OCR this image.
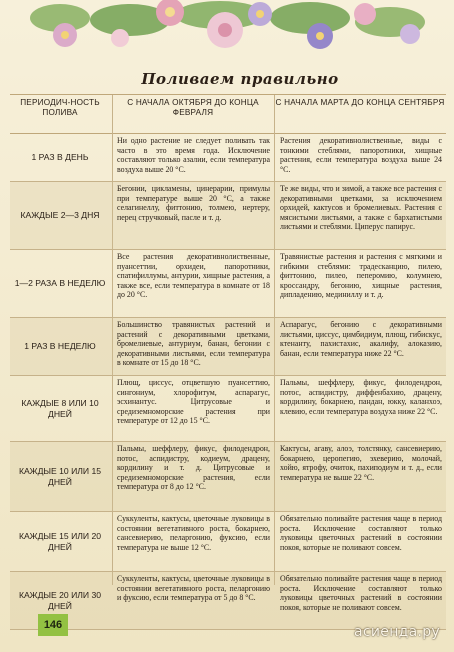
Поливаем правильно
ПЕРИОДИЧ-НОСТЬ ПОЛИВА
С НАЧАЛА ОКТЯБРЯ ДО КОНЦА ФЕВРАЛЯ
С НАЧАЛА МАРТА ДО КОНЦА СЕНТЯБРЯ
1 РАЗ В ДЕНЬ
Ни одно растение не следует поливать так часто в это время года. Исключение составляют только азалии, если температура воздуха выше 20 °С.
Растения декоративнолиственные, виды с тонкими стеблями, папоротники, хищные растения, если температура воздуха выше 24 °С.
КАЖДЫЕ 2—3 ДНЯ
Бегонии, цикламены, цинерарии, примулы при температуре выше 20 °С, а также селагинеллу, фиттонию, толмею, нертеру, перец стручковый, пасле и т. д.
Те же виды, что и зимой, а также все растения с декоративными цветками, за исключением орхидей, кактусов и бромелиевых. Растения с мясистыми листьями, а также с бархатистыми листьями и стеблями. Циперус папирус.
1—2 РАЗА В НЕДЕЛЮ
Все растения декоративнолиственные, пуансеттии, орхидеи, папоротники, спатифиллумы, антурии, хищные растения, а также все, если температура в комнате от 18 до 20 °С.
Травянистые растения и растения с мягкими и гибкими стеблями: традесканцию, пилею, фиттонию, пилео, пеперомию, колумнею, кроссандру, бегонию, хищные растения, дипладению, мединиллу и т. д.
1 РАЗ В НЕДЕЛЮ
Большинство травянистых растений и растений с декоративными цветками, бромелиевые, антуриум, банан, бегонии с декоративными листьями, если температура в комнате от 15 до 18 °С.
Аспарагус, бегонию с декоративными листьями, циссус, цимбидиум, плющ, гибискус, ктенанту, пахистахис, акалифу, алоказию, банан, если температура ниже 22 °С.
КАЖДЫЕ 8 ИЛИ 10 ДНЕЙ
Плющ, циссус, отцветшую пуансеттию, сингониум, хлорофитум, аспарагус, эсхинантус. Цитрусовые и средиземноморские растения при температуре от 12 до 15 °С.
Пальмы, шеффлеру, фикус, филодендрон, потос, аспидистру, диффенбахию, драцену, кордилину, бокарнею, пандан, юкку, каланхоэ, клевию, если температура воздуха ниже 22 °С.
КАЖДЫЕ 10 ИЛИ 15 ДНЕЙ
Пальмы, шеффлеру, фикус, филодендрон, потос, аспидистру, кодиеум, драцену, кордилину и т. д. Цитрусовые и средиземноморские растения, если температура от 8 до 12 °С.
Кактусы, агаву, алоэ, толстянку, сансевиерию, бокарнею, церопегию, эхеверию, молочай, хойю, ятрофу, очиток, пахиподиум и т. д., если температура не выше 22 °С.
КАЖДЫЕ 15 ИЛИ 20 ДНЕЙ
Суккуленты, кактусы, цветочные луковицы в состоянии вегетативного роста, бокарнею, сансевиерию, пеларгонию, фуксию, если температура не выше 12 °С.
Обязательно поливайте растения чаще в период роста. Исключение составляют только луковицы цветочных растений в состоянии покоя, которые не поливают совсем.
КАЖДЫЕ 20 ИЛИ 30 ДНЕЙ
Суккуленты, кактусы, цветочные луковицы в состоянии вегетативного роста, пеларгонию и фуксию, если температура от 5 до 8 °С.
Обязательно поливайте растения чаще в период роста. Исключение составляют только луковицы цветочных растений в состоянии покоя, которые не поливают совсем.
146	асиенда.ру
